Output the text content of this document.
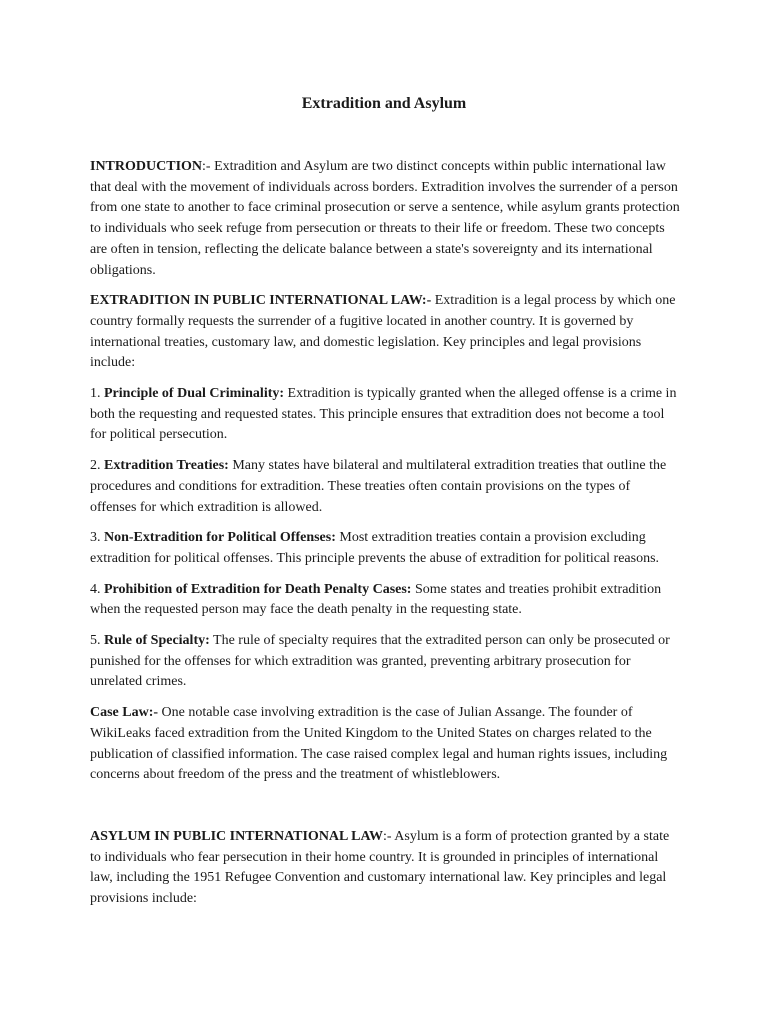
Extradition and Asylum

INTRODUCTION:- Extradition and Asylum are two distinct concepts within public international law that deal with the movement of individuals across borders. Extradition involves the surrender of a person from one state to another to face criminal prosecution or serve a sentence, while asylum grants protection to individuals who seek refuge from persecution or threats to their life or freedom. These two concepts are often in tension, reflecting the delicate balance between a state's sovereignty and its international obligations.

EXTRADITION IN PUBLIC INTERNATIONAL LAW:- Extradition is a legal process by which one country formally requests the surrender of a fugitive located in another country. It is governed by international treaties, customary law, and domestic legislation. Key principles and legal provisions include:

1. Principle of Dual Criminality: Extradition is typically granted when the alleged offense is a crime in both the requesting and requested states. This principle ensures that extradition does not become a tool for political persecution.

2. Extradition Treaties: Many states have bilateral and multilateral extradition treaties that outline the procedures and conditions for extradition. These treaties often contain provisions on the types of offenses for which extradition is allowed.

3. Non-Extradition for Political Offenses: Most extradition treaties contain a provision excluding extradition for political offenses. This principle prevents the abuse of extradition for political reasons.

4. Prohibition of Extradition for Death Penalty Cases: Some states and treaties prohibit extradition when the requested person may face the death penalty in the requesting state.

5. Rule of Specialty: The rule of specialty requires that the extradited person can only be prosecuted or punished for the offenses for which extradition was granted, preventing arbitrary prosecution for unrelated crimes.

Case Law:- One notable case involving extradition is the case of Julian Assange. The founder of WikiLeaks faced extradition from the United Kingdom to the United States on charges related to the publication of classified information. The case raised complex legal and human rights issues, including concerns about freedom of the press and the treatment of whistleblowers.

ASYLUM IN PUBLIC INTERNATIONAL LAW:- Asylum is a form of protection granted by a state to individuals who fear persecution in their home country. It is grounded in principles of international law, including the 1951 Refugee Convention and customary international law. Key principles and legal provisions include:
